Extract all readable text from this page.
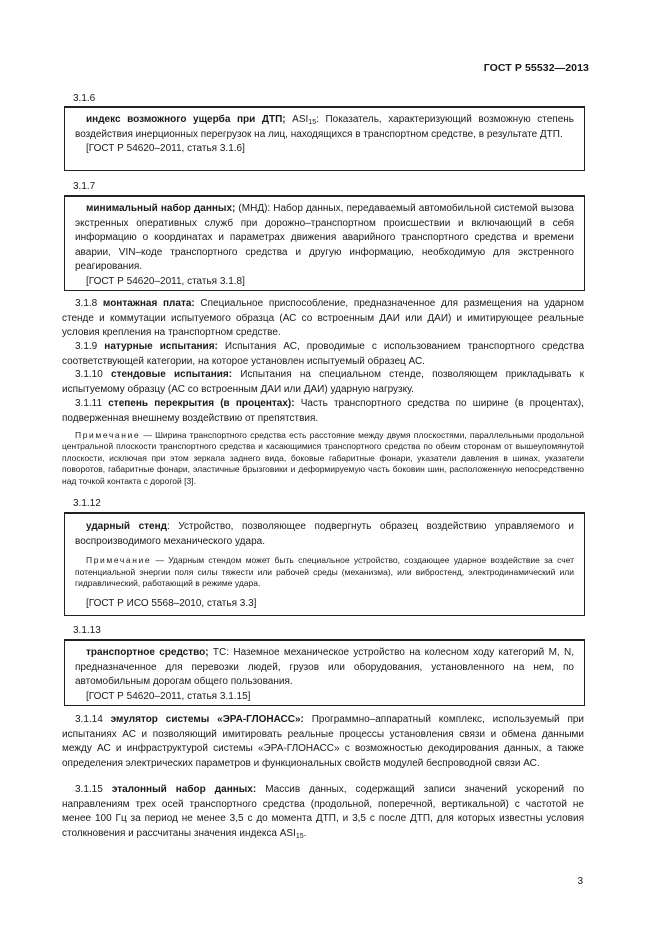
ГОСТ Р 55532—2013
3.1.6

индекс возможного ущерба при ДТП; $ASI_{15}$: Показатель, характеризующий возможную степень воздействия инерционных перегрузок на лиц, находящихся в транспортном средстве, в результате ДТП.

[ГОСТ Р 54620–2011, статья 3.1.6]

3.1.7

минимальный набор данных; (МНД): Набор данных, передаваемый автомобильной системой вызова экстренных оперативных служб при дорожно–транспортном происшествии и включающий в себя информацию о координатах и параметрах движения аварийного транспортного средства и времени аварии, VIN–коде транспортного средства и другую информацию, необходимую для экстренного реагирования.

[ГОСТ Р 54620–2011, статья 3.1.8]

3.1.8 монтажная плата: Специальное приспособление, предназначенное для размещения на ударном стенде и коммутации испытуемого образца (АС со встроенным ДАИ или ДАИ) и имитирующее реальные условия крепления на транспортном средстве.

3.1.9 натурные испытания: Испытания АС, проводимые с использованием транспортного средства соответствующей категории, на которое установлен испытуемый образец АС.

3.1.10 стендовые испытания: Испытания на специальном стенде, позволяющем прикладывать к испытуемому образцу (АС со встроенным ДАИ или ДАИ) ударную нагрузку.

3.1.11 степень перекрытия (в процентах): Часть транспортного средства по ширине (в процентах), подверженная внешнему воздействию от препятствия.

Примечание — Ширина транспортного средства есть расстояние между двумя плоскостями, параллельными продольной центральной плоскости транспортного средства и касающимися транспортного средства по обеим сторонам от вышеупомянутой плоскости, исключая при этом зеркала заднего вида, боковые габаритные фонари, указатели давления в шинах, указатели поворотов, габаритные фонари, эластичные брызговики и деформируемую часть боковин шин, расположенную непосредственно над точкой контакта с дорогой [3].

3.1.12

ударный стенд: Устройство, позволяющее подвергнуть образец воздействию управляемого и воспроизводимого механического удара.

Примечание — Ударным стендом может быть специальное устройство, создающее ударное воздействие за счет потенциальной энергии поля силы тяжести или рабочей среды (механизма), или вибростенд, электродинамический или гидравлический, работающий в режиме удара.

[ГОСТ Р ИСО 5568–2010, статья 3.3]

3.1.13

транспортное средство; ТС: Наземное механическое устройство на колесном ходу категорий M, N, предназначенное для перевозки людей, грузов или оборудования, установленного на нем, по автомобильным дорогам общего пользования.

[ГОСТ Р 54620–2011, статья 3.1.15]

3.1.14 эмулятор системы «ЭРА-ГЛОНАСС»: Программно–аппаратный комплекс, используемый при испытаниях АС и позволяющий имитировать реальные процессы установления связи и обмена данными между АС и инфраструктурой системы «ЭРА-ГЛОНАСС» с возможностью декодирования данных, а также определения электрических параметров и функциональных свойств модулей беспроводной связи АС.

3.1.15 эталонный набор данных: Массив данных, содержащий записи значений ускорений по направлениям трех осей транспортного средства (продольной, поперечной, вертикальной) с частотой не менее 100 Гц за период не менее 3,5 с до момента ДТП, и 3,5 с после ДТП, для которых известны условия столкновения и рассчитаны значения индекса $ASI_{15}$.

3
